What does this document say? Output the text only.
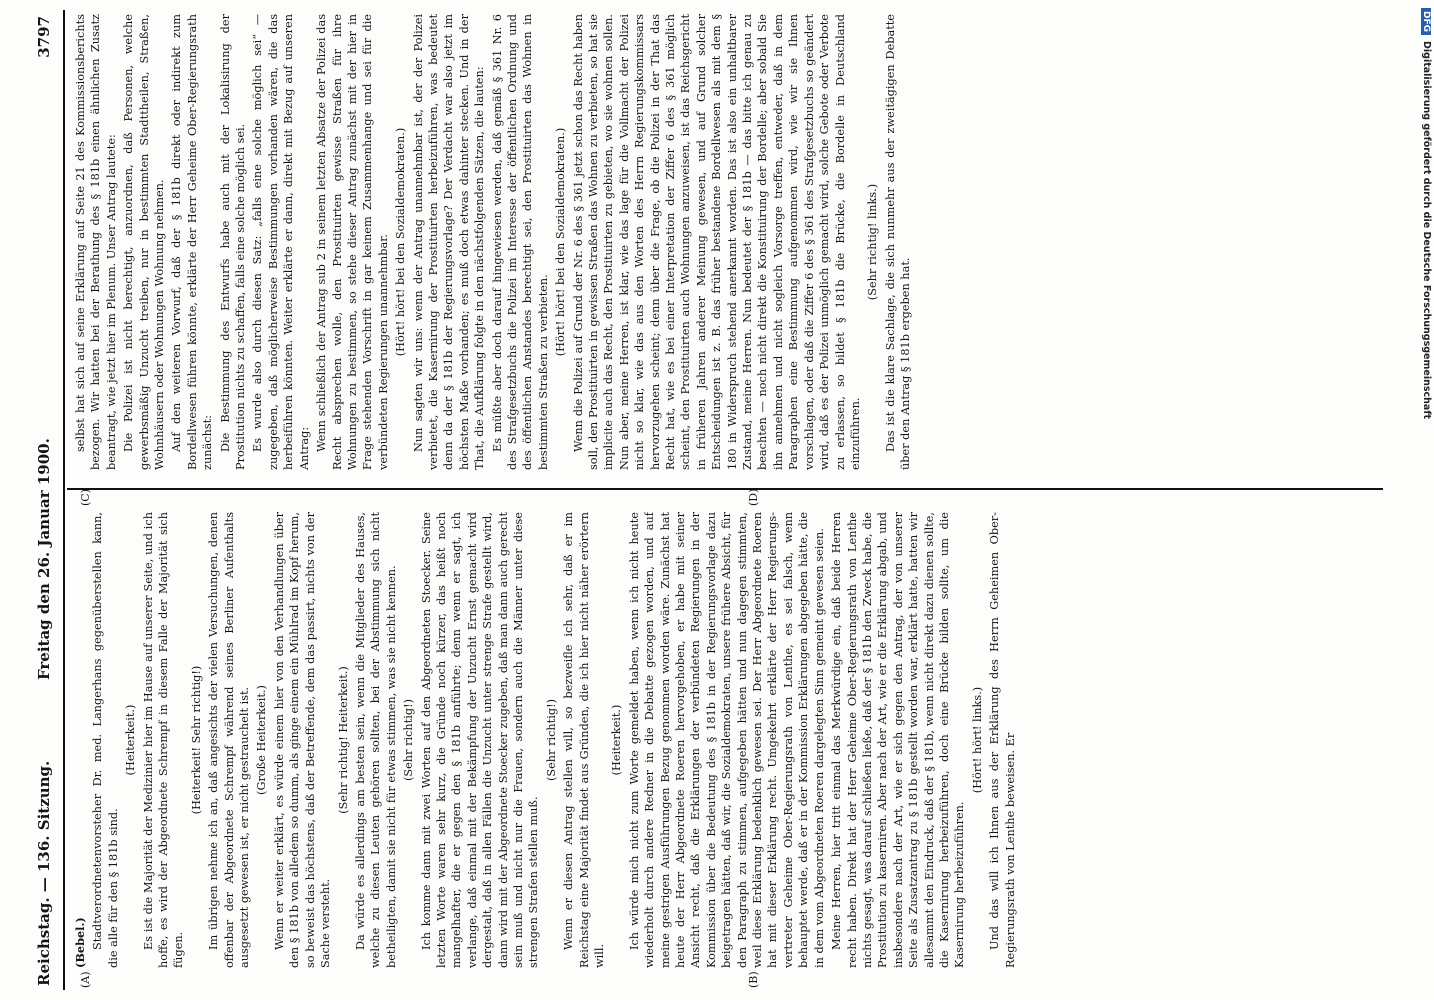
Reichstag. — 136. Sitzung.
Freitag den 26. Januar 1900.
3797
(A)	(B)
(C)	(D)

(Bebel.) Stadtverordnetenvorsteher Dr. med. Langerhans gegenüberstellen kann, die alle für den § 181b sind.

(Heiterkeit.) Es ist die Majorität der Medizinier hier im Hause auf unserer Seite, und ich hoffe, es wird der Abgeordnete Schrempf in diesem Falle der Majorität sich fügen.

(Heiterkeit! Sehr richtig!) Im übrigen nehme ich an, daß angesichts der vielen Versuchungen, denen offenbar der Abgeordnete Schrempf während seines Berliner Aufenthalts ausgesetzt gewesen ist, er nicht gestrauchelt ist. (Große Heiterkeit.) Wenn er weiter erklärt, es würde einem hier von den Verhandlungen über den § 181b von alledem so dumm, als ginge einem ein Mühlrad im Kopf herum, so beweist das höchstens, daß der Betreffende, dem das passirt, nichts von der Sache versteht.

(Sehr richtig! Heiterkeit.) Da würde es allerdings am besten sein, wenn die Mitglieder des Hauses, welche zu diesen Leuten gehören sollten, bei der Abstimmung sich nicht betheiligten, damit sie nicht für etwas stimmen, was sie nicht kennen. (Sehr richtig!) Ich komme dann mit zwei Worten auf den Abgeordneten Stoecker. Seine letzten Worte waren sehr kurz, die Gründe noch kürzer, das heißt noch mangelhafter, die er gegen den § 181b anführte; denn wenn er sagt, ich verlange, daß einmal mit der Bekämpfung der Unzucht Ernst gemacht wird dergestalt, daß in allen Fällen die Unzucht unter strenge Strafe gestellt wird, dann wird mit der Abgeordnete Stoecker zugeben, daß man dann auch gerecht sein muß und nicht nur die Frauen, sondern auch die Männer unter diese strengen Strafen stellen muß.

(Sehr richtig!) Wenn er diesen Antrag stellen will, so bezweifle ich sehr, daß er im Reichstag eine Majorität findet aus Gründen, die ich hier nicht näher erörtern will.

(Heiterkeit.) Ich würde mich nicht zum Worte gemeldet haben, wenn ich nicht heute wiederholt durch andere Redner in die Debatte gezogen worden, und auf meine gestrigen Ausführungen Bezug genommen worden wäre. Zunächst hat heute der Herr Abgeordnete Roeren hervorgehoben, er habe mit seiner Ansicht recht, daß die Erklärungen der verbündeten Regierungen in der Kommission über die Bedeutung des § 181b in der Regierungsvorlage dazu beigetragen hätten, daß wir, die Sozialdemokraten, unsere frühere Absicht, für den Paragraph zu stimmen, aufgegeben hätten und nun dagegen stimmten, weil diese Erklärung bedenklich gewesen sei. Der Herr Abgeordnete Roeren hat mit dieser Erklärung recht. Umgekehrt erklärte der Herr Regierungsvertreter Geheime Ober-Regierungsrath von Lenthe, es sei falsch, wenn behauptet werde, daß er in der Kommission Erklärungen abgegeben hätte, die in dem vom Abgeordneten Roeren dargelegten Sinn gemeint gewesen seien. Meine Herren, hier tritt einmal das Merkwürdige ein, daß beide Herren recht haben. Direkt hat der Herr Geheime Ober-Regierungsrath von Lenthe nichts gesagt, was darauf schließen ließe, daß der § 181b den Zweck habe, die Prostitution zu kaserniren. Aber nach der Art, wie er die Erklärung abgab, und insbesondere nach der Art, wie er sich gegen den Antrag, der von unserer Seite als Zusatzantrag zu § 181b gestellt worden war, erklärt hatte, hatten wir allesammt den Eindruck, daß der § 181b, wenn nicht direkt dazu dienen sollte, die Kasernirung herbeizuführen, doch eine Brücke bilden sollte, um die Kasernirung herbeizuführen.

(Hört! hört! links.) Und das will ich Ihnen aus der Erklärung des Herrn Geheimen Ober-Regierungsrath von Lenthe beweisen. Er

selbst hat sich auf seine Erklärung auf Seite 21 des Kommissionsberichts bezogen. Wir hatten bei der Berathung des § 181b einen ähnlichen Zusatz beantragt, wie jetzt hier im Plenum. Unser Antrag lautete: Die Polizei ist nicht berechtigt, anzuordnen, daß Personen, welche gewerbsmäßig Unzucht treiben, nur in bestimmten Stadttheilen, Straßen, Wohnhäusern oder Wohnungen Wohnung nehmen. Auf den weiteren Vorwurf, daß der § 181b direkt oder indirekt zum Bordellwesen führen könnte, erklärte der Herr Geheime Ober-Regierungsrath zunächst: Die Bestimmung des Entwurfs habe auch mit der Lokalisirung der Prostitution nichts zu schaffen, falls eine solche möglich sei. Es wurde also durch diesen Satz: „falls eine solche möglich sei“ — zugegeben, daß möglicherweise Bestimmungen vorhanden wären, die das herbeiführen könnten. Weiter erklärte er dann, direkt mit Bezug auf unseren Antrag: Wenn schließlich der Antrag sub 2 in seinem letzten Absatze der Polizei das Recht absprechen wolle, den Prostituirten gewisse Straßen für ihre Wohnungen zu bestimmen, so stehe dieser Antrag zunächst mit der hier in Frage stehenden Vorschrift in gar keinem Zusammenhange und sei für die verbündeten Regierungen unannehmbar. (Hört! hört! bei den Sozialdemokraten.) Nun sagten wir uns: wenn der Antrag unannehmbar ist, der der Polizei verbietet, die Kasernirung der Prostituirten herbeizuführen, was bedeutet denn da der § 181b der Regierungsvorlage? Der Verdacht war also jetzt im höchsten Maße vorhanden; es muß doch etwas dahinter stecken. Und in der That, die Aufklärung folgte in den nächstfolgenden Sätzen, die lauten: Es müßte aber doch darauf hingewiesen werden, daß gemäß § 361 Nr. 6 des Strafgesetzbuchs die Polizei im Interesse der öffentlichen Ordnung und des öffentlichen Anstandes berechtigt sei, den Prostituirten das Wohnen in bestimmten Straßen zu verbieten.

(Hört! hört! bei den Sozialdemokraten.) Wenn die Polizei auf Grund der Nr. 6 des § 361 jetzt schon das Recht haben soll, den Prostituirten in gewissen Straßen das Wohnen zu verbieten, so hat sie implicite auch das Recht, den Prostituirten zu gebieten, wo sie wohnen sollen. Nun aber, meine Herren, ist klar, wie das lage für die Vollmacht der Polizei nicht so klar, wie das aus den Worten des Herrn Regierungskommissars hervorzugehen scheint; denn über die Frage, ob die Polizei in der That das Recht hat, wie es bei einer Interpretation der Ziffer 6 des § 361 möglich scheint, den Prostituirten auch Wohnungen anzuweisen, ist das Reichsgericht in früheren Jahren anderer Meinung gewesen, und auf Grund solcher Entscheidungen ist z. B. das früher bestandene Bordellwesen als mit dem § 180 in Widerspruch stehend anerkannt worden. Das ist also ein unhaltbarer Zustand, meine Herren. Nun bedeutet der § 181b — das bitte ich genau zu beachten — noch nicht direkt die Konstituirung der Bordelle; aber sobald Sie ihn annehmen und nicht sogleich Vorsorge treffen, entweder, daß in dem Paragraphen eine Bestimmung aufgenommen wird, wie wir sie Ihnen vorschlagen, oder daß die Ziffer 6 des § 361 des Strafgesetzbuchs so geändert wird, daß es der Polizei unmöglich gemacht wird, solche Gebote oder Verbote zu erlassen, so bildet § 181b die Brücke, die Bordelle in Deutschland einzuführen.

(Sehr richtig! links.) Das ist die klare Sachlage, die sich nunmehr aus der zweitägigen Debatte über den Antrag § 181b ergeben hat.

DFGDigitalisierung gefördert durch die Deutsche Forschungsgemeinschaft
